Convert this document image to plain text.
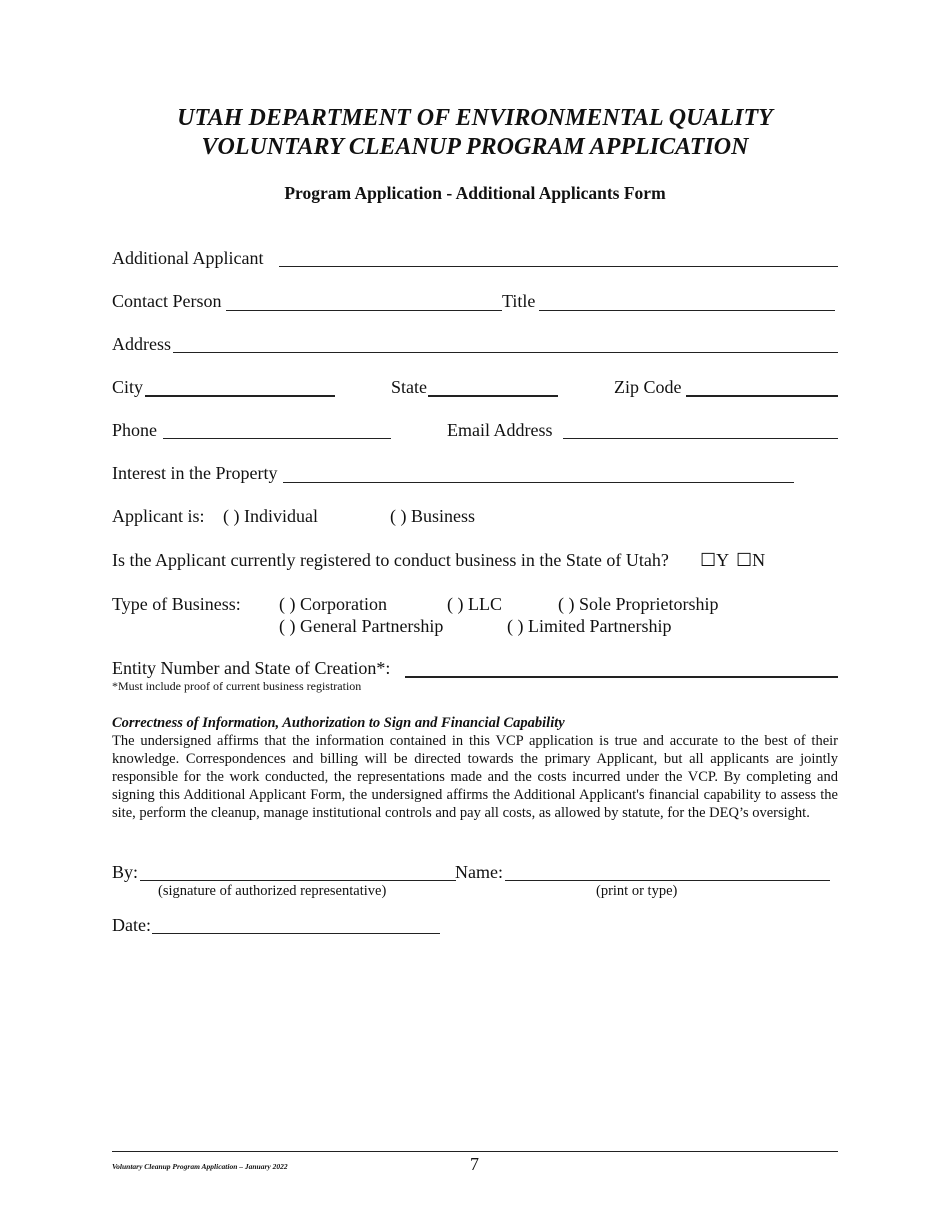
UTAH DEPARTMENT OF ENVIRONMENTAL QUALITY
VOLUNTARY CLEANUP PROGRAM APPLICATION
Program Application - Additional Applicants Form
Additional Applicant
Contact Person	Title
Address
City	State	Zip Code
Phone	Email Address
Interest in the Property
Applicant is: ( ) Individual	( ) Business
Is the Applicant currently registered to conduct business in the State of Utah? ☐Y ☐N
Type of Business: ( ) Corporation	( ) LLC	( ) Sole Proprietorship
( ) General Partnership	( ) Limited Partnership
Entity Number and State of Creation*:
*Must include proof of current business registration
Correctness of Information, Authorization to Sign and Financial Capability
The undersigned affirms that the information contained in this VCP application is true and accurate to the best of their knowledge. Correspondences and billing will be directed towards the primary Applicant, but all applicants are jointly responsible for the work conducted, the representations made and the costs incurred under the VCP. By completing and signing this Additional Applicant Form, the undersigned affirms the Additional Applicant's financial capability to assess the site, perform the cleanup, manage institutional controls and pay all costs, as allowed by statute, for the DEQ’s oversight.
By:
(signature of authorized representative)
Name:
(print or type)
Date:
Voluntary Cleanup Program Application – January 2022	7
